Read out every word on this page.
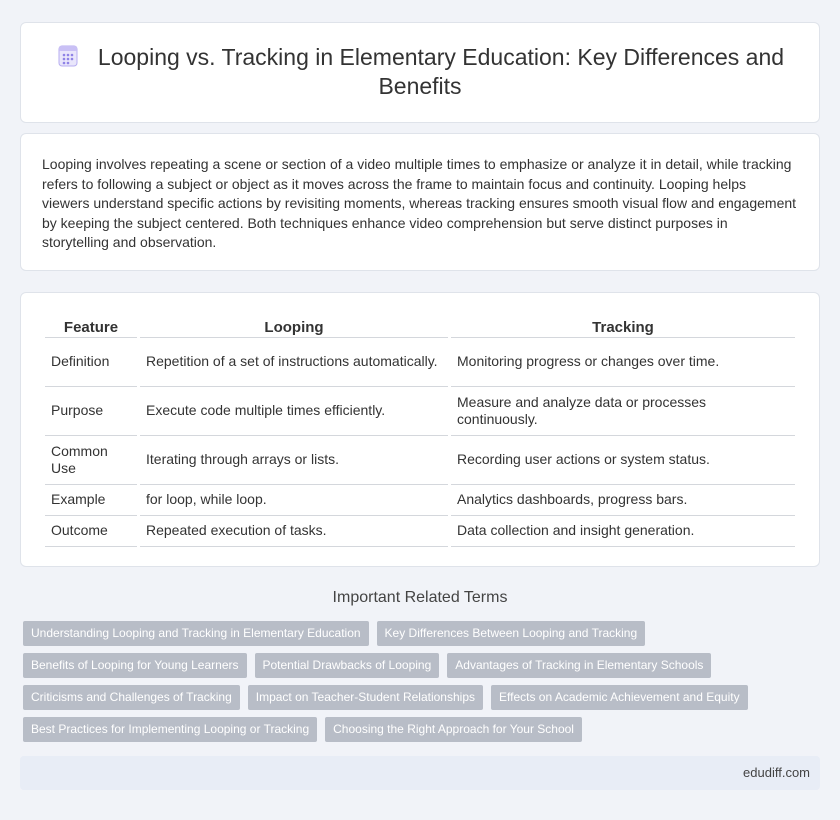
Looping vs. Tracking in Elementary Education: Key Differences and Benefits

Looping involves repeating a scene or section of a video multiple times to emphasize or analyze it in detail, while tracking refers to following a subject or object as it moves across the frame to maintain focus and continuity. Looping helps viewers understand specific actions by revisiting moments, whereas tracking ensures smooth visual flow and engagement by keeping the subject centered. Both techniques enhance video comprehension but serve distinct purposes in storytelling and observation.

Feature	Looping	Tracking
Definition	Repetition of a set of instructions automatically.	Monitoring progress or changes over time.
Purpose	Execute code multiple times efficiently.	Measure and analyze data or processes continuously.
Common Use	Iterating through arrays or lists.	Recording user actions or system status.
Example	for loop, while loop.	Analytics dashboards, progress bars.
Outcome	Repeated execution of tasks.	Data collection and insight generation.
Important Related Terms
Understanding Looping and Tracking in Elementary Education	Key Differences Between Looping and Tracking
Benefits of Looping for Young Learners	Potential Drawbacks of Looping	Advantages of Tracking in Elementary Schools
Criticisms and Challenges of Tracking	Impact on Teacher-Student Relationships	Effects on Academic Achievement and Equity
Best Practices for Implementing Looping or Tracking	Choosing the Right Approach for Your School
edudiff.com
